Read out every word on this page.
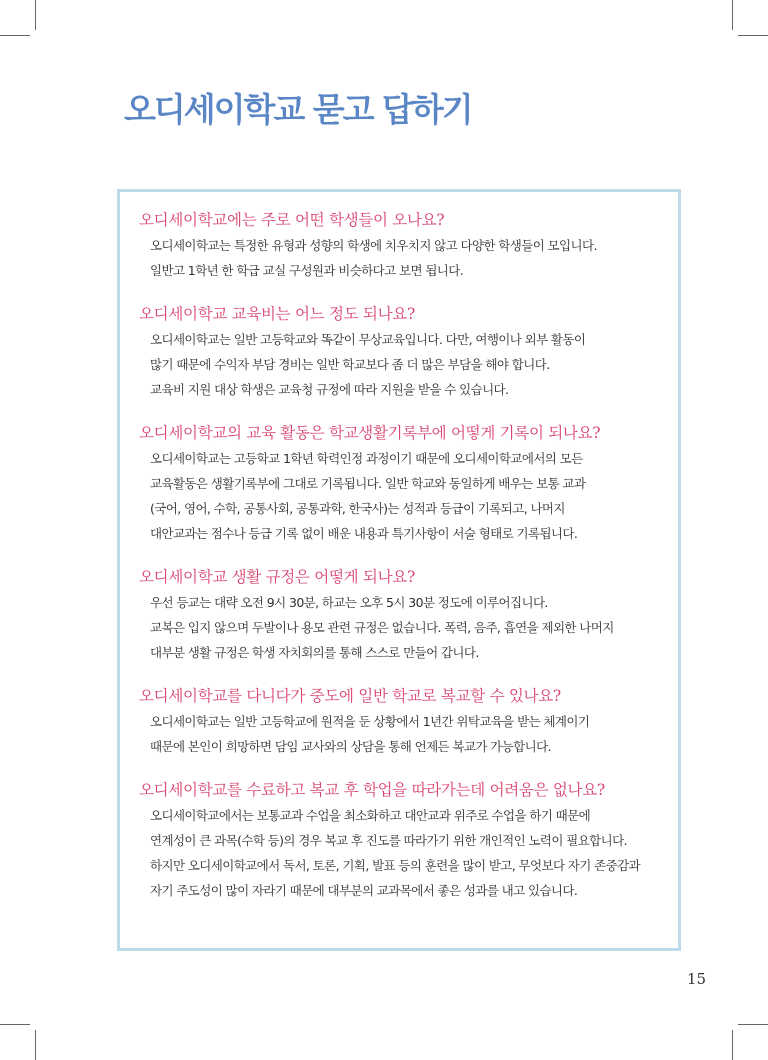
오디세이학교 묻고 답하기
오디세이학교에는 주로 어떤 학생들이 오나요?
오디세이학교는 특정한 유형과 성향의 학생에 치우치지 않고 다양한 학생들이 모입니다.
일반고 1학년 한 학급 교실 구성원과 비슷하다고 보면 됩니다.
오디세이학교 교육비는 어느 정도 되나요?
오디세이학교는 일반 고등학교와 똑같이 무상교육입니다. 다만, 여행이나 외부 활동이
많기 때문에 수익자 부담 경비는 일반 학교보다 좀 더 많은 부담을 해야 합니다.
교육비 지원 대상 학생은 교육청 규정에 따라 지원을 받을 수 있습니다.
오디세이학교의 교육 활동은 학교생활기록부에 어떻게 기록이 되나요?
오디세이학교는 고등학교 1학년 학력인정 과정이기 때문에 오디세이학교에서의 모든
교육활동은 생활기록부에 그대로 기록됩니다. 일반 학교와 동일하게 배우는 보통 교과
(국어, 영어, 수학, 공통사회, 공통과학, 한국사)는 성적과 등급이 기록되고, 나머지
대안교과는 점수나 등급 기록 없이 배운 내용과 특기사항이 서술 형태로 기록됩니다.
오디세이학교 생활 규정은 어떻게 되나요?
우선 등교는 대략 오전 9시 30분, 하교는 오후 5시 30분 정도에 이루어집니다.
교복은 입지 않으며 두발이나 용모 관련 규정은 없습니다. 폭력, 음주, 흡연을 제외한 나머지
대부분 생활 규정은 학생 자치회의를 통해 스스로 만들어 갑니다.
오디세이학교를 다니다가 중도에 일반 학교로 복교할 수 있나요?
오디세이학교는 일반 고등학교에 원적을 둔 상황에서 1년간 위탁교육을 받는 체계이기
때문에 본인이 희망하면 담임 교사와의 상담을 통해 언제든 복교가 가능합니다.
오디세이학교를 수료하고 복교 후 학업을 따라가는데 어려움은 없나요?
오디세이학교에서는 보통교과 수업을 최소화하고 대안교과 위주로 수업을 하기 때문에
연계성이 큰 과목(수학 등)의 경우 복교 후 진도를 따라가기 위한 개인적인 노력이 필요합니다.
하지만 오디세이학교에서 독서, 토론, 기획, 발표 등의 훈련을 많이 받고, 무엇보다 자기 존중감과
자기 주도성이 많이 자라기 때문에 대부분의 교과목에서 좋은 성과를 내고 있습니다.
15
